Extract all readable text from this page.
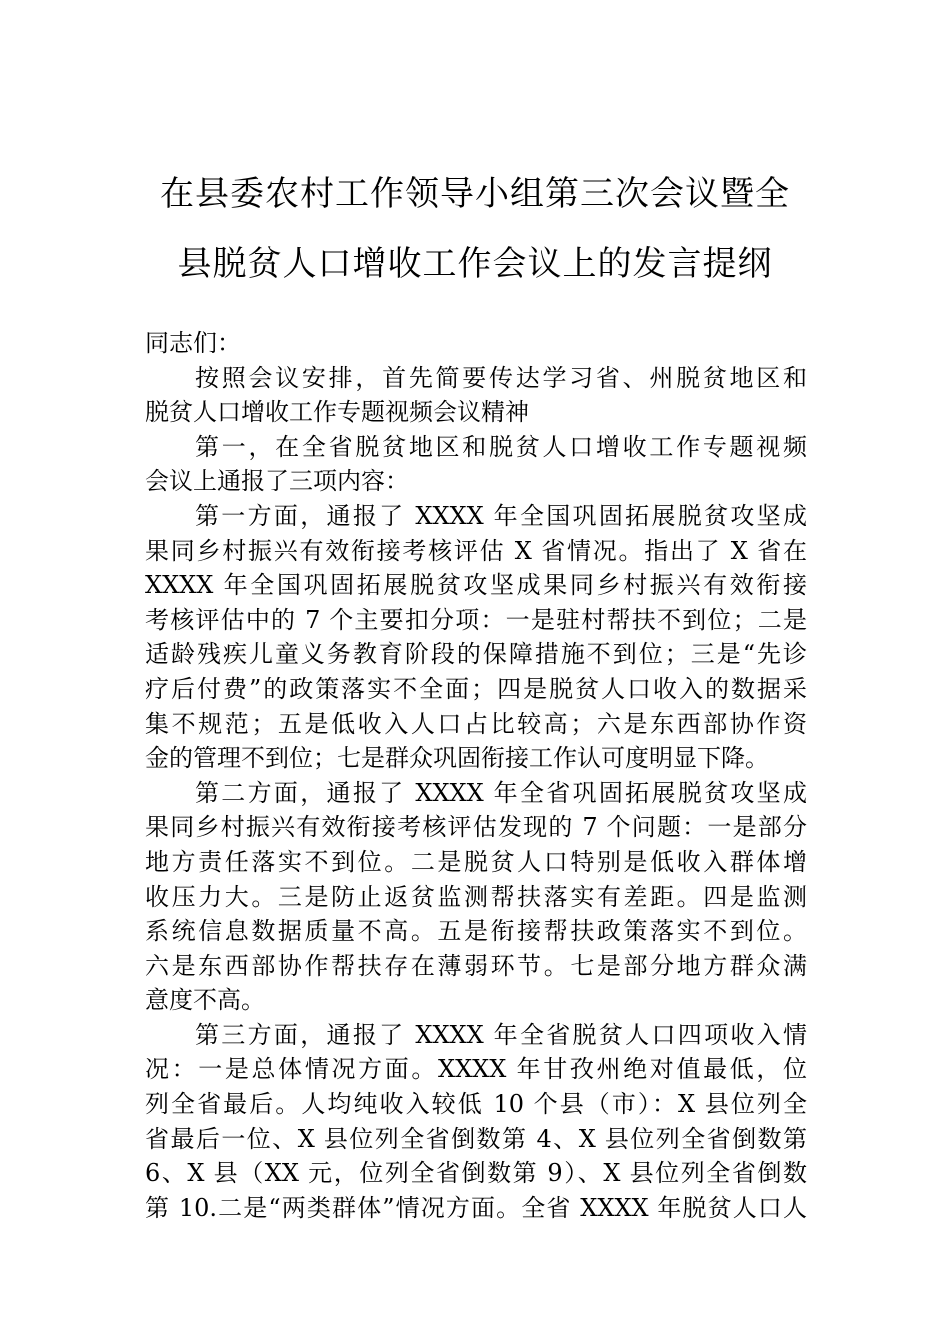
在县委农村工作领导小组第三次会议暨全
县脱贫人口增收工作会议上的发言提纲
同志们：
按照会议安排，首先简要传达学习省、州脱贫地区和
脱贫人口增收工作专题视频会议精神
第一，在全省脱贫地区和脱贫人口增收工作专题视频
会议上通报了三项内容：
第一方面，通报了 XXXX 年全国巩固拓展脱贫攻坚成
果同乡村振兴有效衔接考核评估 X 省情况。指出了 X 省在
XXXX 年全国巩固拓展脱贫攻坚成果同乡村振兴有效衔接
考核评估中的 7 个主要扣分项：一是驻村帮扶不到位；二是
适龄残疾儿童义务教育阶段的保障措施不到位；三是“先诊
疗后付费”的政策落实不全面；四是脱贫人口收入的数据采
集不规范；五是低收入人口占比较高；六是东西部协作资
金的管理不到位；七是群众巩固衔接工作认可度明显下降。
第二方面，通报了 XXXX 年全省巩固拓展脱贫攻坚成
果同乡村振兴有效衔接考核评估发现的 7 个问题：一是部分
地方责任落实不到位。二是脱贫人口特别是低收入群体增
收压力大。三是防止返贫监测帮扶落实有差距。四是监测
系统信息数据质量不高。五是衔接帮扶政策落实不到位。
六是东西部协作帮扶存在薄弱环节。七是部分地方群众满
意度不高。
第三方面，通报了 XXXX 年全省脱贫人口四项收入情
况：一是总体情况方面。XXXX 年甘孜州绝对值最低，位
列全省最后。人均纯收入较低 10 个县（市）：X 县位列全
省最后一位、X 县位列全省倒数第 4、X 县位列全省倒数第
6、X 县（XX 元，位列全省倒数第 9）、X 县位列全省倒数
第 10.二是“两类群体”情况方面。全省 XXXX 年脱贫人口人
